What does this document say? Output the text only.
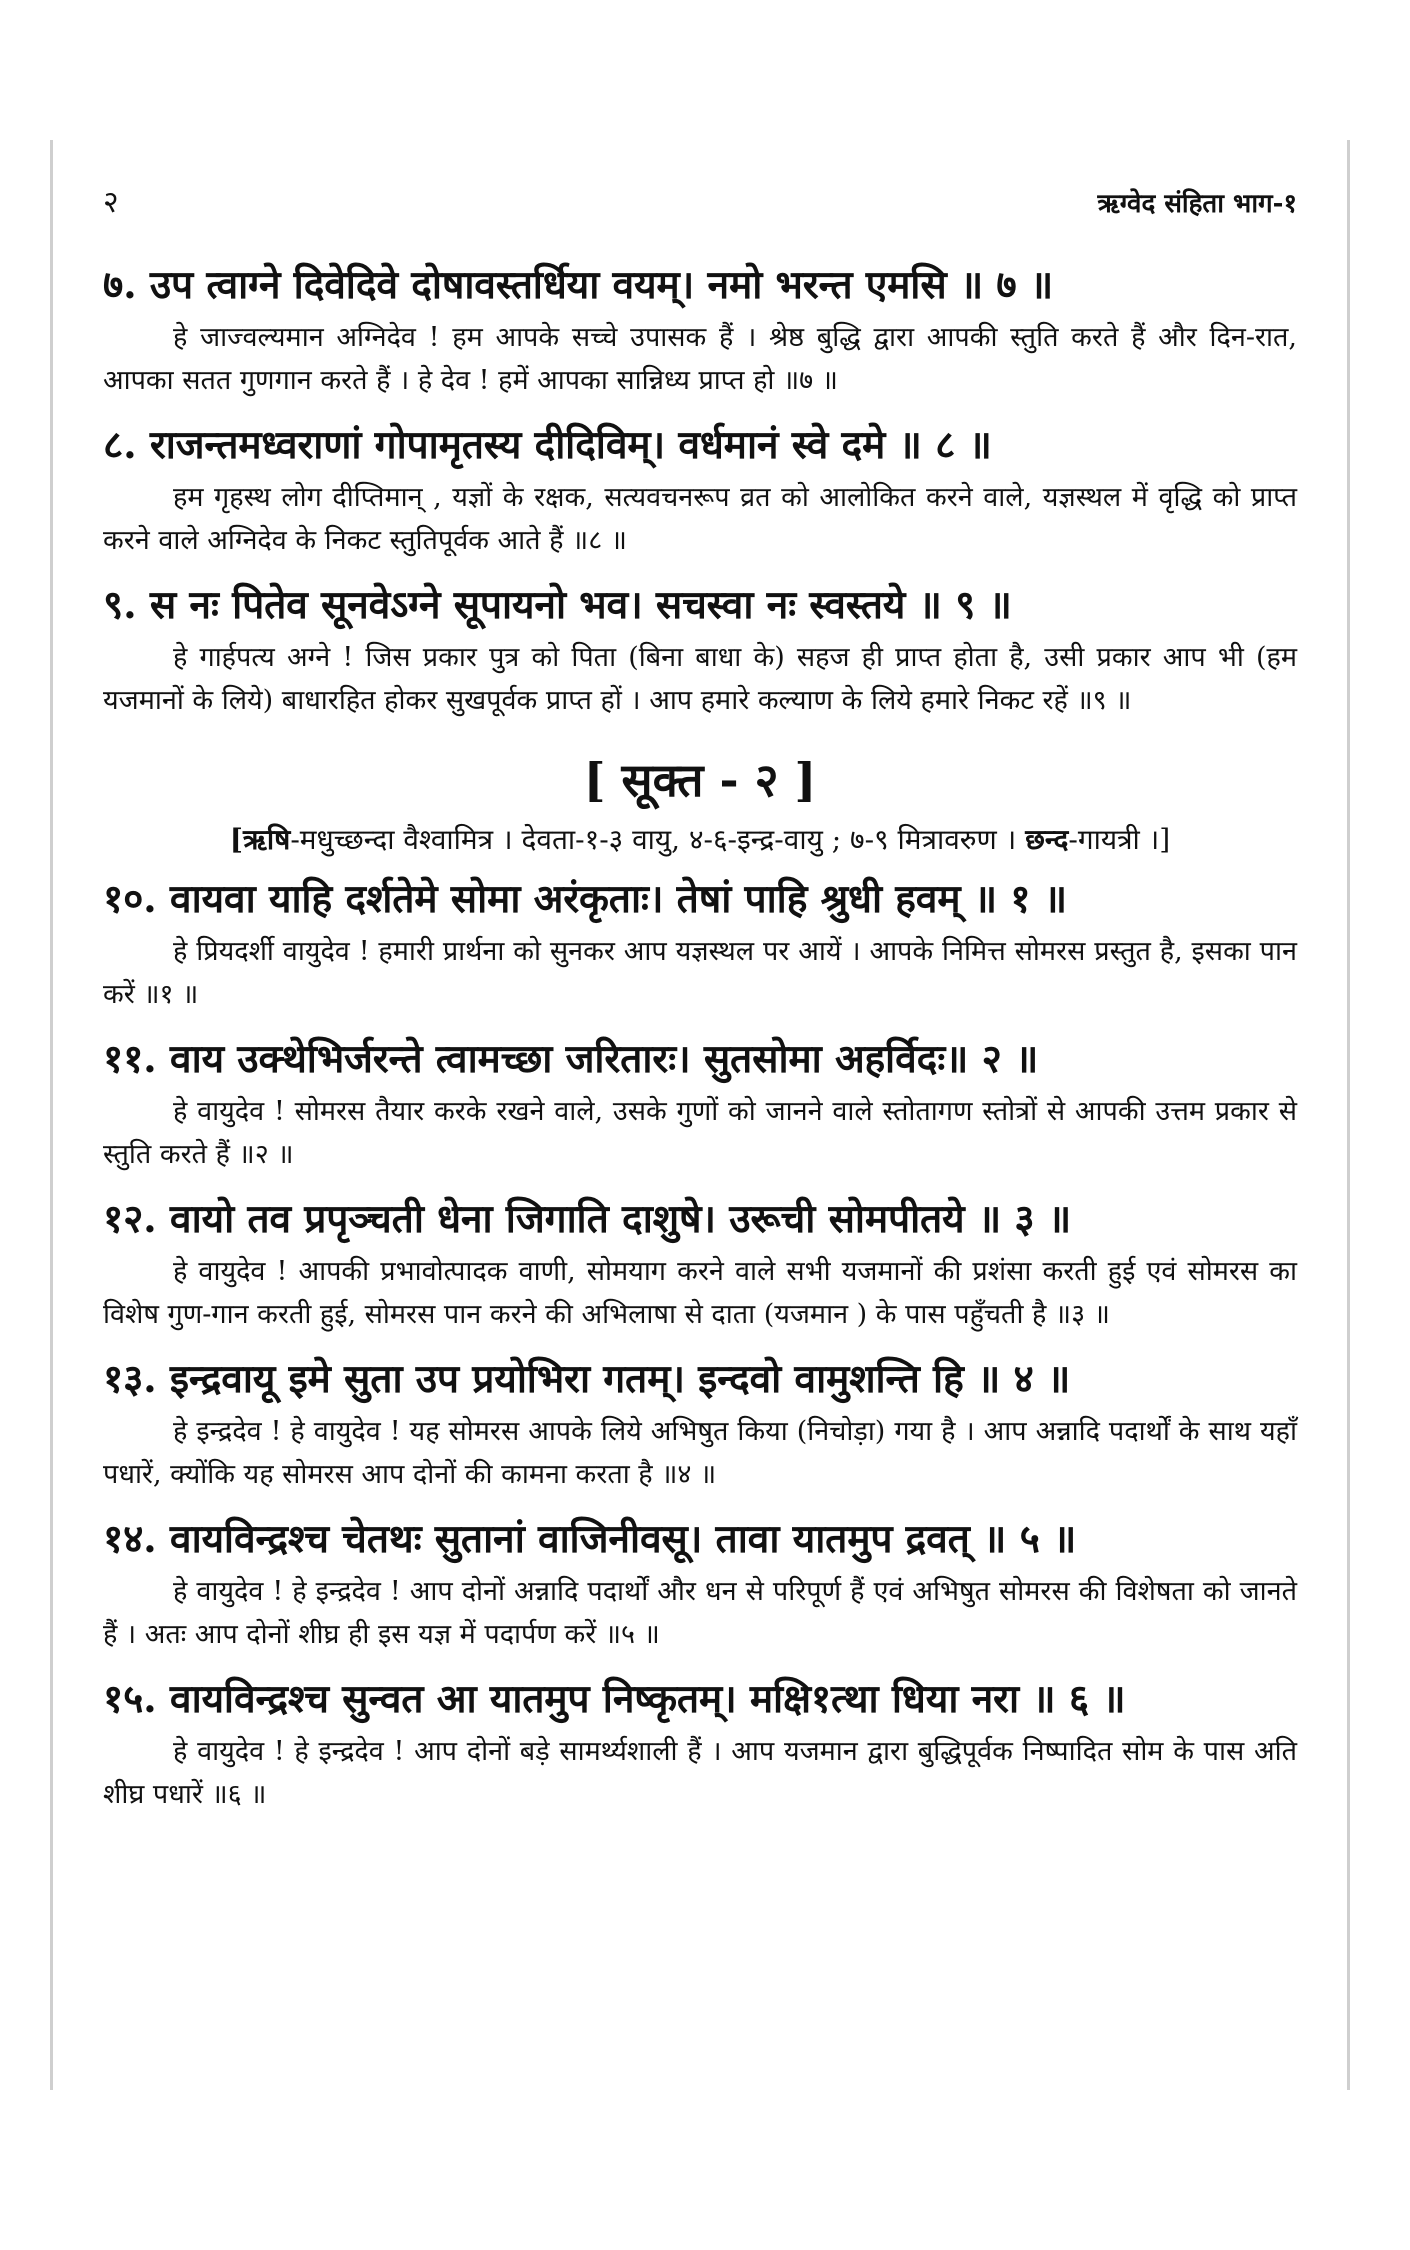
२	ऋग्वेद संहिता भाग-१

७. उप त्वाग्ने दिवेदिवे दोषावस्तर्धिया वयम्। नमो भरन्त एमसि ॥ ७ ॥

हे जाज्वल्यमान अग्निदेव ! हम आपके सच्चे उपासक हैं । श्रेष्ठ बुद्धि द्वारा आपकी स्तुति करते हैं और दिन-रात, आपका सतत गुणगान करते हैं । हे देव ! हमें आपका सान्निध्य प्राप्त हो ॥७ ॥

८. राजन्तमध्वराणां गोपामृतस्य दीदिविम्। वर्धमानं स्वे दमे ॥ ८ ॥

हम गृहस्थ लोग दीप्तिमान् , यज्ञों के रक्षक, सत्यवचनरूप व्रत को आलोकित करने वाले, यज्ञस्थल में वृद्धि को प्राप्त करने वाले अग्निदेव के निकट स्तुतिपूर्वक आते हैं ॥८ ॥

९. स नः पितेव सूनवेऽग्ने सूपायनो भव। सचस्वा नः स्वस्तये ॥ ९ ॥

हे गार्हपत्य अग्ने ! जिस प्रकार पुत्र को पिता (बिना बाधा के) सहज ही प्राप्त होता है, उसी प्रकार आप भी (हम यजमानों के लिये) बाधारहित होकर सुखपूर्वक प्राप्त हों । आप हमारे कल्याण के लिये हमारे निकट रहें ॥९ ॥

[ सूक्त - २ ]
[ऋषि-मधुच्छन्दा वैश्वामित्र । देवता-१-३ वायु, ४-६-इन्द्र-वायु ; ७-९ मित्रावरुण । छन्द-गायत्री ।]

१०. वायवा याहि दर्शतेमे सोमा अरंकृताः। तेषां पाहि श्रुधी हवम् ॥ १ ॥

हे प्रियदर्शी वायुदेव ! हमारी प्रार्थना को सुनकर आप यज्ञस्थल पर आयें । आपके निमित्त सोमरस प्रस्तुत है, इसका पान करें ॥१ ॥

११. वाय उक्थेभिर्जरन्ते त्वामच्छा जरितारः। सुतसोमा अहर्विदः॥ २ ॥

हे वायुदेव ! सोमरस तैयार करके रखने वाले, उसके गुणों को जानने वाले स्तोतागण स्तोत्रों से आपकी उत्तम प्रकार से स्तुति करते हैं ॥२ ॥

१२. वायो तव प्रपृञ्चती धेना जिगाति दाशुषे। उरूची सोमपीतये ॥ ३ ॥

हे वायुदेव ! आपकी प्रभावोत्पादक वाणी, सोमयाग करने वाले सभी यजमानों की प्रशंसा करती हुई एवं सोमरस का विशेष गुण-गान करती हुई, सोमरस पान करने की अभिलाषा से दाता (यजमान ) के पास पहुँचती है ॥३ ॥

१३. इन्द्रवायू इमे सुता उप प्रयोभिरा गतम्। इन्दवो वामुशन्ति हि ॥ ४ ॥

हे इन्द्रदेव ! हे वायुदेव ! यह सोमरस आपके लिये अभिषुत किया (निचोड़ा) गया है । आप अन्नादि पदार्थों के साथ यहाँ पधारें, क्योंकि यह सोमरस आप दोनों की कामना करता है ॥४ ॥

१४. वायविन्द्रश्च चेतथः सुतानां वाजिनीवसू। तावा यातमुप द्रवत् ॥ ५ ॥

हे वायुदेव ! हे इन्द्रदेव ! आप दोनों अन्नादि पदार्थों और धन से परिपूर्ण हैं एवं अभिषुत सोमरस की विशेषता को जानते हैं । अतः आप दोनों शीघ्र ही इस यज्ञ में पदार्पण करें ॥५ ॥

१५. वायविन्द्रश्च सुन्वत आ यातमुप निष्कृतम्। मक्षि१त्था धिया नरा ॥ ६ ॥

हे वायुदेव ! हे इन्द्रदेव ! आप दोनों बड़े सामर्थ्यशाली हैं । आप यजमान द्वारा बुद्धिपूर्वक निष्पादित सोम के पास अति शीघ्र पधारें ॥६ ॥
